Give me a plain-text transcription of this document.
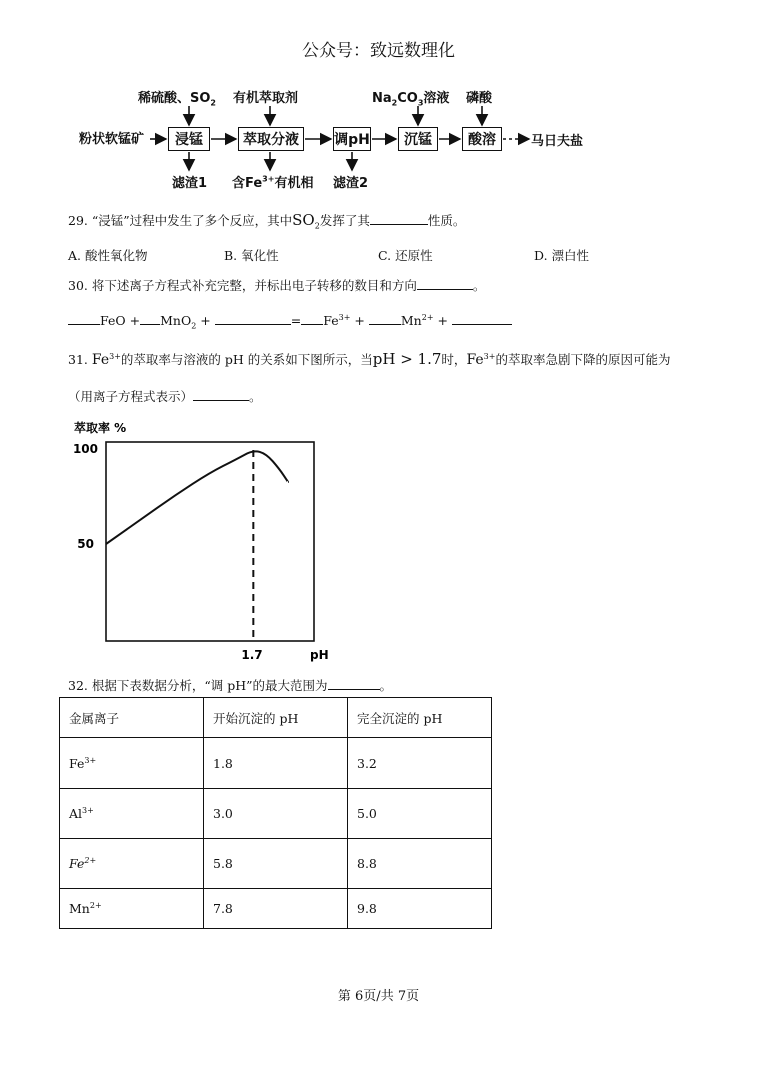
公众号：致远数理化
粉状软锰矿
稀硫酸、$SO_2$ 有机萃取剂	$Na_2CO_3$溶液 磷酸
浸锰	萃取分液	调pH	沉锰	酸溶	马日夫盐
滤渣1 含$Fe^{3+}$有机相 滤渣2
29. “浸锰”过程中发生了多个反应，其中$SO_2$发挥了其	性质。
A. 酸性氧化物	B. 氧化性	C. 还原性	D. 漂白性
30. 将下述离子方程式补充完整，并标出电子转移的数目和方向	。
FeO + MnO$_2$ +	= $Fe^{3+}$ +	$Mn^{2+}$ +
31. $Fe^{3+}$的萃取率与溶液的 pH 的关系如下图所示，当pH > 1.7时，$Fe^{3+}$的萃取率急剧下降的原因可能为
（用离子方程式表示）	。
萃取率 %
100
50
1.7	pH
32. 根据下表数据分析，“调 pH”的最大范围为	。
金属离子	开始沉淀的 pH	完全沉淀的 pH
$Fe^{3+}$	1.8	3.2
$Al^{3+}$	3.0	5.0
$Fe^{2+}$	5.8	8.8
$Mn^{2+}$	7.8	9.8
第 6页/共 7页
